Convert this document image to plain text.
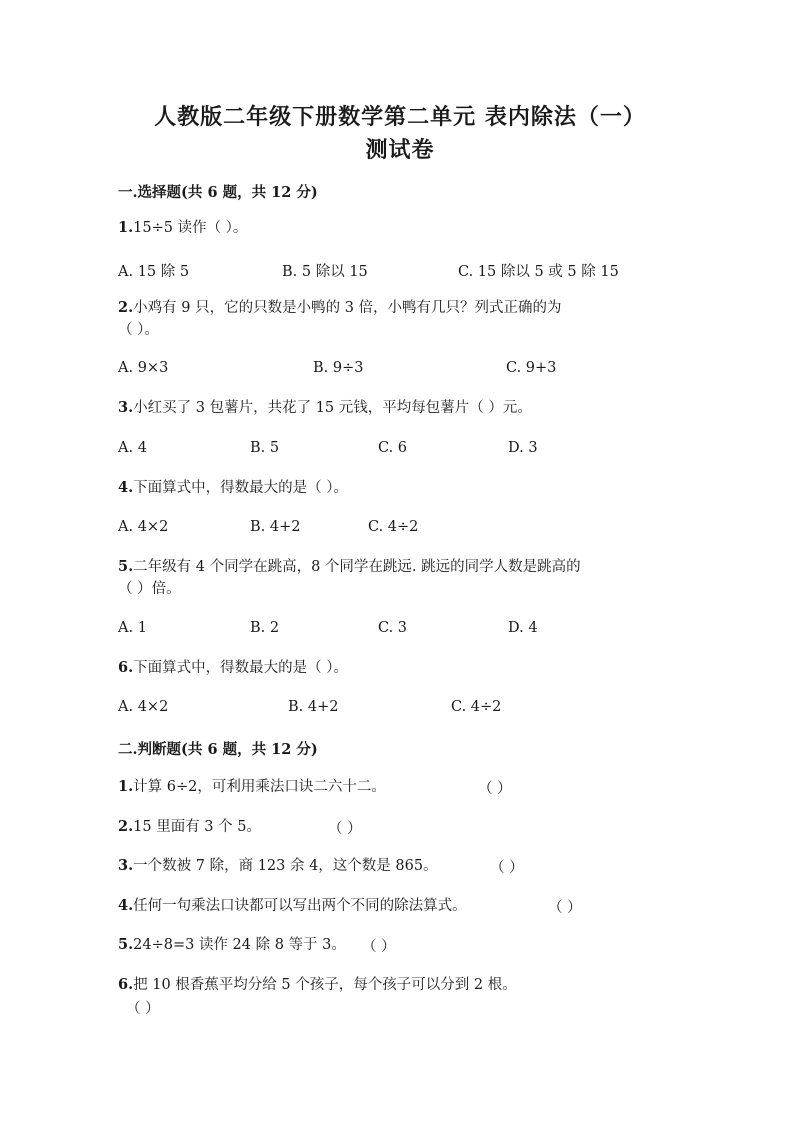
人教版二年级下册数学第二单元 表内除法（一）
测试卷
一.选择题(共 6 题，共 12 分)
1.15÷5 读作（ ）。
A. 15 除 5	B. 5 除以 15	C. 15 除以 5 或 5 除 15
2.小鸡有 9 只，它的只数是小鸭的 3 倍，小鸭有几只？列式正确的为
（ ）。
A. 9×3	B. 9÷3	C. 9+3
3.小红买了 3 包薯片，共花了 15 元钱，平均每包薯片（ ）元。
A. 4	B. 5	C. 6	D. 3
4.下面算式中，得数最大的是（ ）。
A. 4×2	B. 4+2	C. 4÷2
5.二年级有 4 个同学在跳高，8 个同学在跳远. 跳远的同学人数是跳高的
（ ）倍。
A. 1	B. 2	C. 3	D. 4
6.下面算式中，得数最大的是（ ）。
A. 4×2	B. 4+2	C. 4÷2
二.判断题(共 6 题，共 12 分)
1.计算 6÷2，可利用乘法口诀二六十二。	（ ）
2.15 里面有 3 个 5。	（ ）
3.一个数被 7 除，商 123 余 4，这个数是 865。	（ ）
4.任何一句乘法口诀都可以写出两个不同的除法算式。	（ ）
5.24÷8=3 读作 24 除 8 等于 3。 （ ）
6.把 10 根香蕉平均分给 5 个孩子，每个孩子可以分到 2 根。
（ ）
